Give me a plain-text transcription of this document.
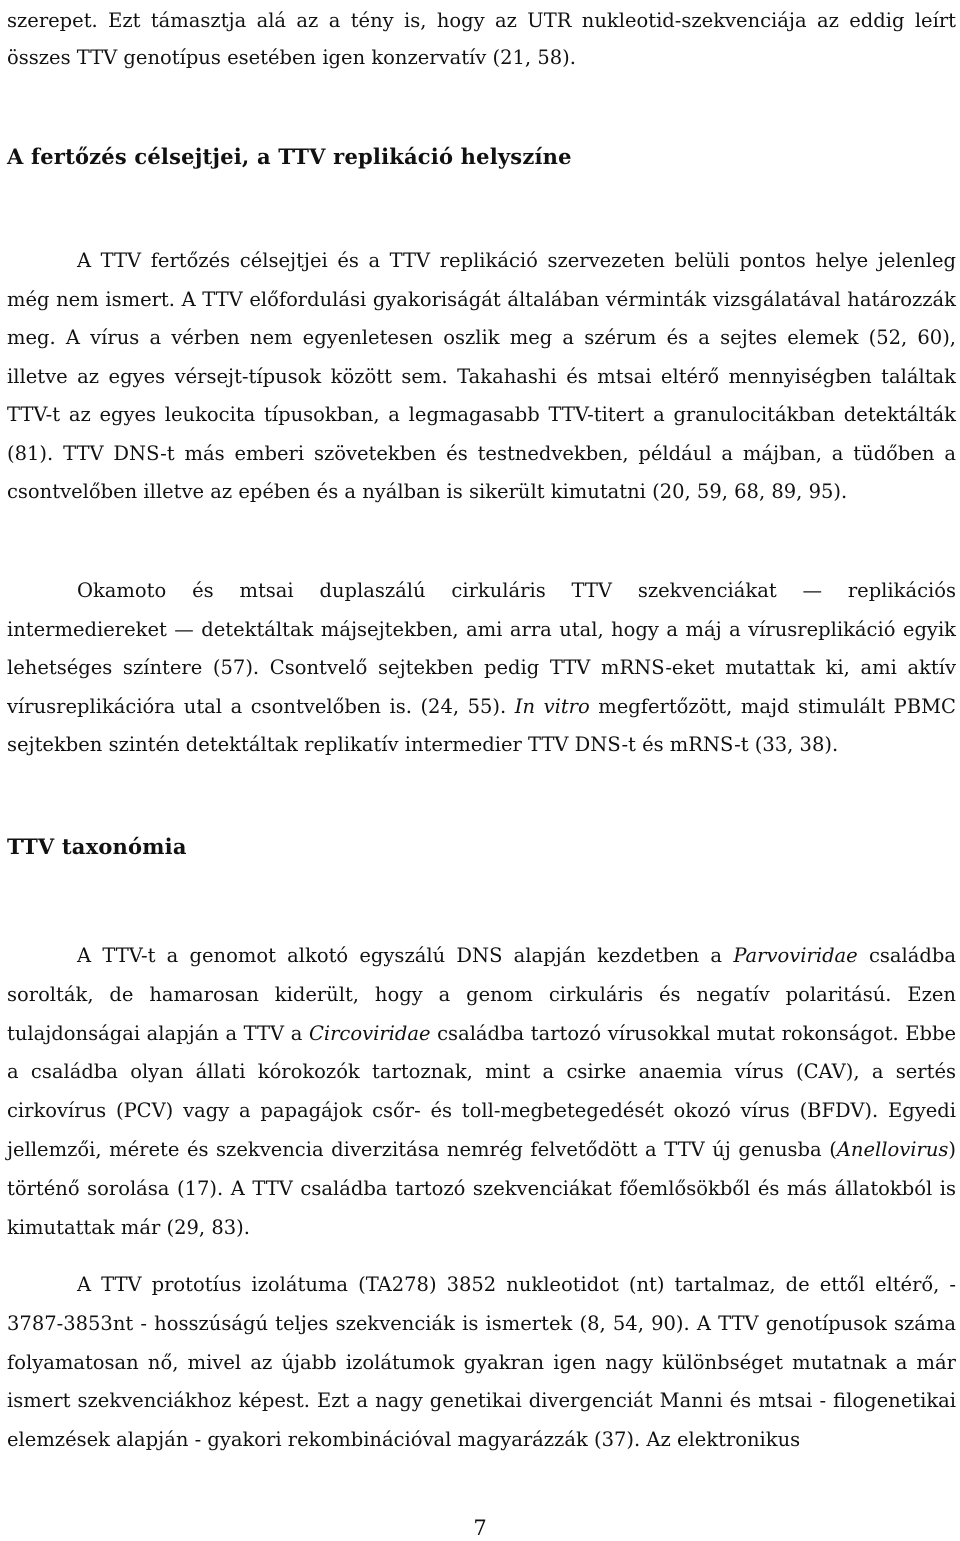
szerepet. Ezt támasztja alá az a tény is, hogy az UTR nukleotid-szekvenciája az eddig leírt összes TTV genotípus esetében igen konzervatív (21, 58).

A fertőzés célsejtjei, a TTV replikáció helyszíne

A TTV fertőzés célsejtjei és a TTV replikáció szervezeten belüli pontos helye jelenleg még nem ismert. A TTV előfordulási gyakoriságát általában vérminták vizsgálatával határozzák meg. A vírus a vérben nem egyenletesen oszlik meg a szérum és a sejtes elemek (52, 60), illetve az egyes vérsejt-típusok között sem. Takahashi és mtsai eltérő mennyiségben találtak TTV-t az egyes leukocita típusokban, a legmagasabb TTV-titert a granulocitákban detektálták (81). TTV DNS-t más emberi szövetekben és testnedvekben, például a májban, a tüdőben a csontvelőben illetve az epében és a nyálban is sikerült kimutatni (20, 59, 68, 89, 95).

Okamoto és mtsai duplaszálú cirkuláris TTV szekvenciákat — replikációs intermediereket — detektáltak májsejtekben, ami arra utal, hogy a máj a vírusreplikáció egyik lehetséges színtere (57). Csontvelő sejtekben pedig TTV mRNS-eket mutattak ki, ami aktív vírusreplikációra utal a csontvelőben is. (24, 55). In vitro megfertőzött, majd stimulált PBMC sejtekben szintén detektáltak replikatív intermedier TTV DNS-t és mRNS-t (33, 38).

TTV taxonómia

A TTV-t a genomot alkotó egyszálú DNS alapján kezdetben a Parvoviridae családba sorolták, de hamarosan kiderült, hogy a genom cirkuláris és negatív polaritású. Ezen tulajdonságai alapján a TTV a Circoviridae családba tartozó vírusokkal mutat rokonságot. Ebbe a családba olyan állati kórokozók tartoznak, mint a csirke anaemia vírus (CAV), a sertés cirkovírus (PCV) vagy a papagájok csőr- és toll-megbetegedését okozó vírus (BFDV). Egyedi jellemzői, mérete és szekvencia diverzitása nemrég felvetődött a TTV új genusba (Anellovirus) történő sorolása (17). A TTV családba tartozó szekvenciákat főemlősökből és más állatokból is kimutattak már (29, 83).

A TTV prototíus izolátuma (TA278) 3852 nukleotidot (nt) tartalmaz, de ettől eltérő, - 3787-3853nt - hosszúságú teljes szekvenciák is ismertek (8, 54, 90). A TTV genotípusok száma folyamatosan nő, mivel az újabb izolátumok gyakran igen nagy különbséget mutatnak a már ismert szekvenciákhoz képest. Ezt a nagy genetikai divergenciát Manni és mtsai - filogenetikai elemzések alapján - gyakori rekombinációval magyarázzák (37). Az elektronikus

7
